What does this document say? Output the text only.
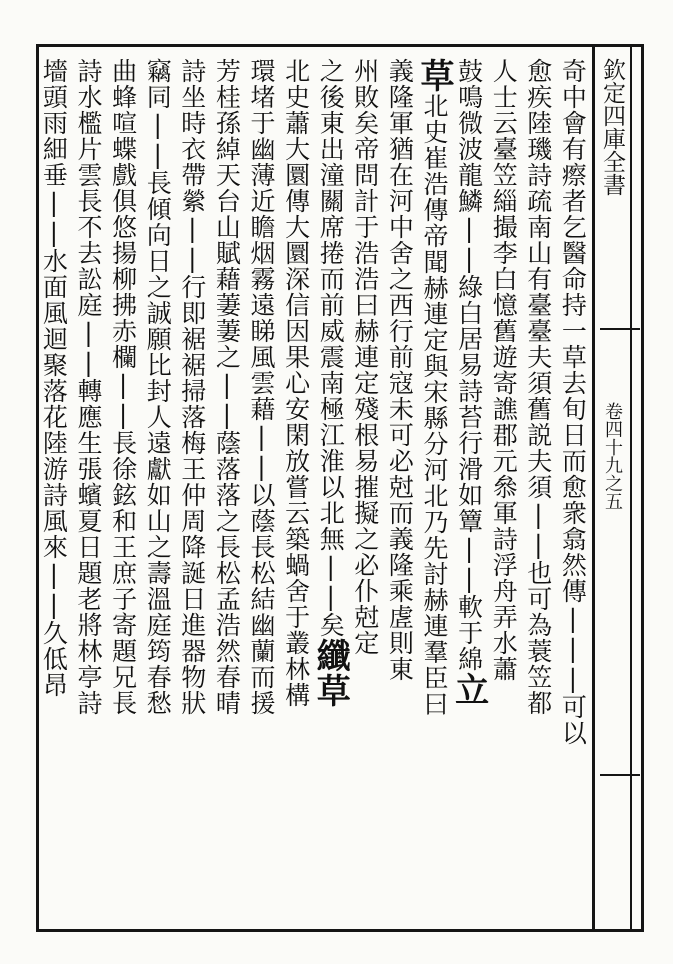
欽定四庫全書
卷四十九之五
奇中會有瘵者乞醫命持一草去旬日而愈衆翕然傳|||可以
愈疾陸璣詩疏南山有臺臺夫須舊説夫須||也可為蓑笠都
人士云臺笠緇撮李白憶舊遊寄譙郡元叅軍詩浮舟弄水蕭
鼓鳴微波龍鱗||綠白居易詩苔行滑如簟||軟于綿立
草北史崔浩傳帝聞赫連定與宋縣分河北乃先討赫連羣臣曰
義隆軍猶在河中舍之西行前寇未可必尅而義隆乘虗則東
州敗矣帝問計于浩浩曰赫連定殘根易摧擬之必仆尅定
之後東出潼關席捲而前威震南極江淮以北無||矣纖草
北史蕭大圜傳大圜深信因果心安閑放嘗云築蝸舍于叢林構
環堵于幽薄近瞻烟霧遠睇風雲藉||以蔭長松結幽蘭而援
芳桂孫綽天台山賦藉萋萋之||蔭落落之長松孟浩然春晴
詩坐時衣帶縈||行即裾裾掃落梅王仲周降誕日進器物狀
竊同||長傾向日之誠願比封人遠獻如山之壽溫庭筠春愁
曲蜂喧蝶戲俱悠揚柳拂赤欄||長徐鉉和王庶子寄題兄長
詩水檻片雲長不去訟庭||轉應生張蠙夏日題老將林亭詩
墻頭雨細垂||水面風迴聚落花陸游詩風來||久低昂
